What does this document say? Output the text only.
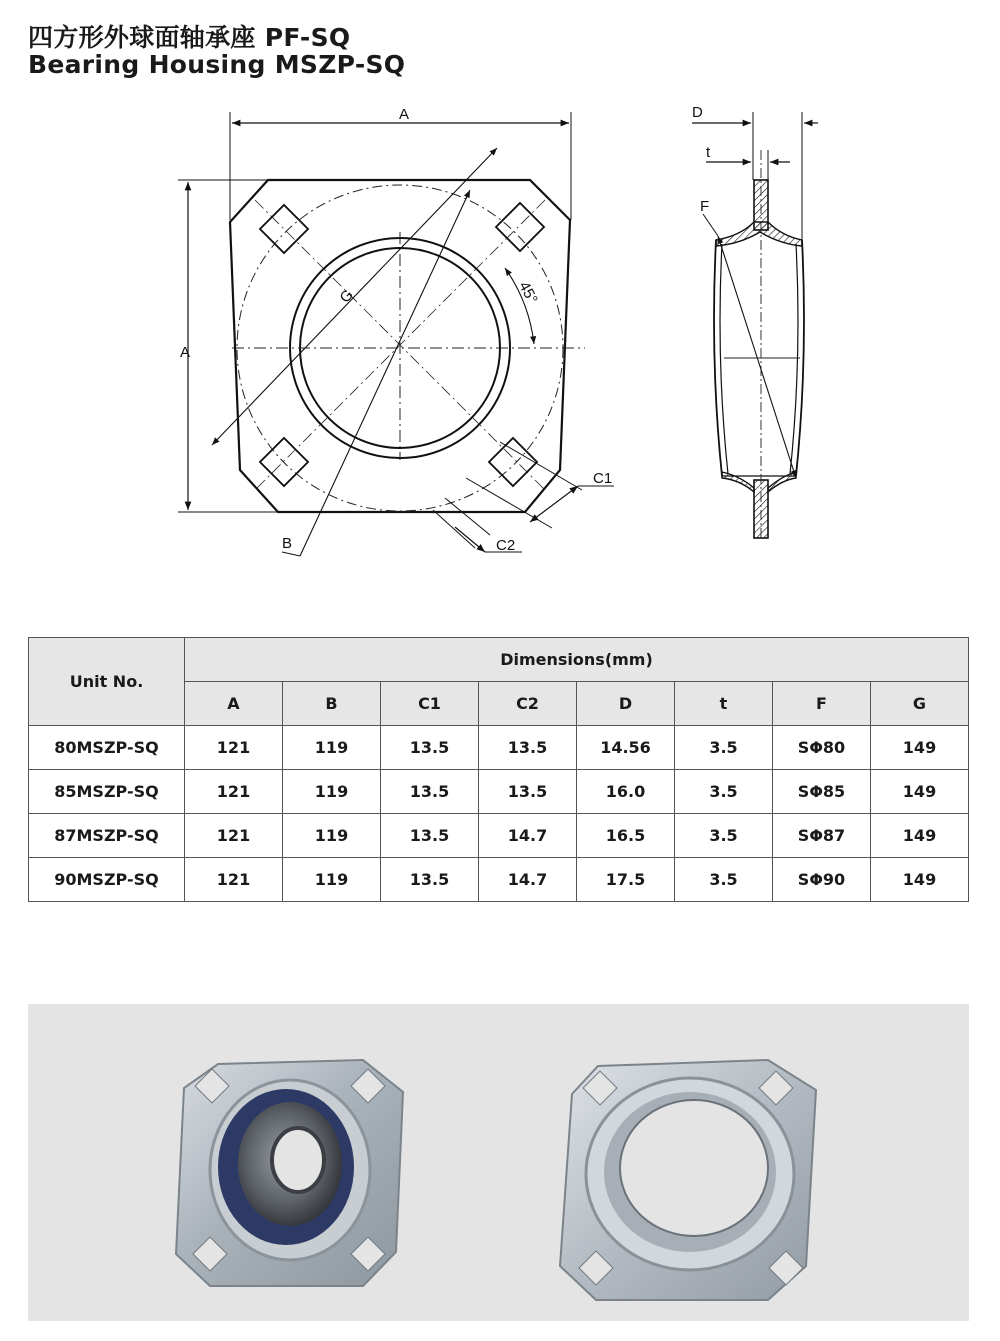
四方形外球面轴承座 PF-SQ
Bearing Housing MSZP-SQ
A
A
G	45°
B
C1
C2
F
D
t
Unit No.	Dimensions(mm)							
	A	B	C1	C2	D	t	F	G
80MSZP-SQ	121	119	13.5	13.5	14.56	3.5	SΦ80	149
85MSZP-SQ	121	119	13.5	13.5	16.0	3.5	SΦ85	149
87MSZP-SQ	121	119	13.5	14.7	16.5	3.5	SΦ87	149
90MSZP-SQ	121	119	13.5	14.7	17.5	3.5	SΦ90	149
